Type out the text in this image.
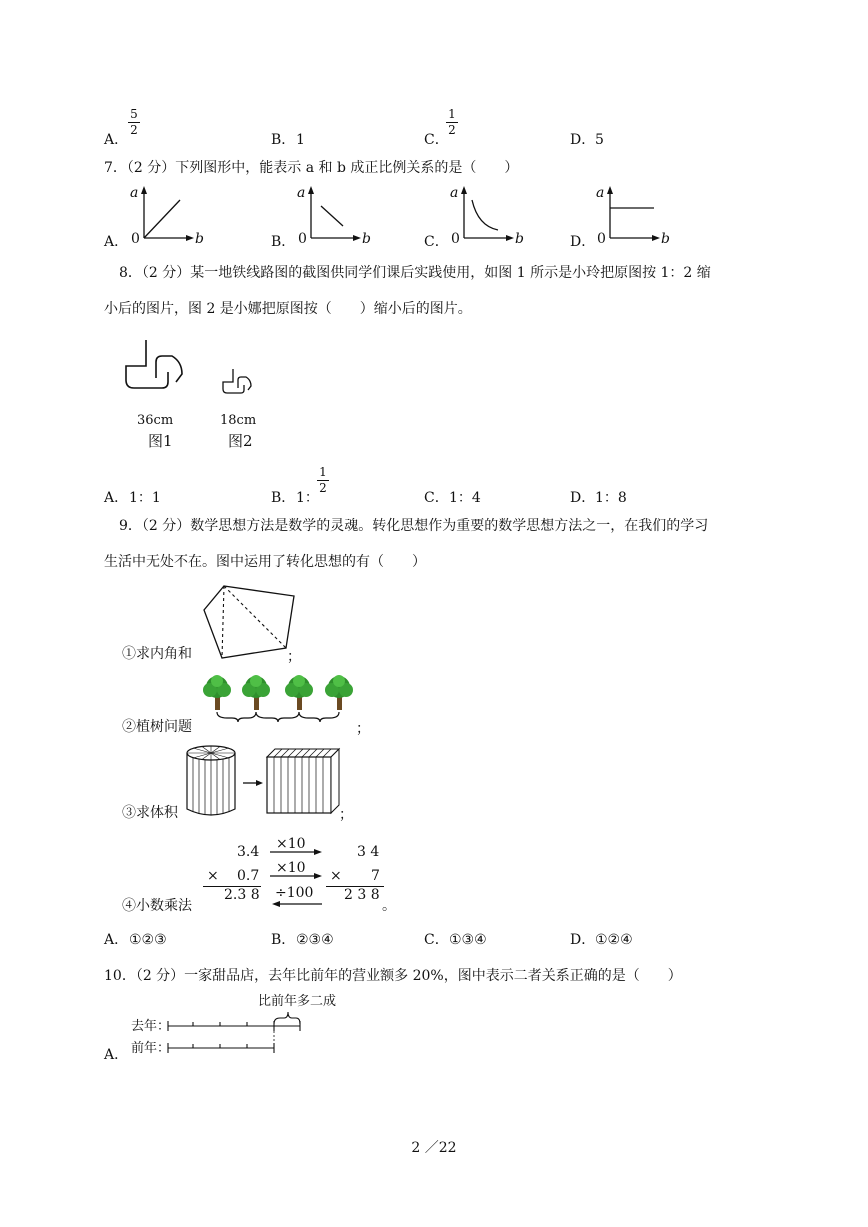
A．
5
2
B． 1	C．
1
2
D． 5
7．（2 分）下列图形中，能表示 a 和 b 成正比例关系的是（　　）
A．
a
0	b	B．
a
0	b	C．
a
0	b	D．
a
0	b
8．（2 分）某一地铁线路图的截图供同学们课后实践使用，如图 1 所示是小玲把原图按 1：2 缩
小后的图片，图 2 是小娜把原图按（　　）缩小后的图片。
36cm
图1
18cm
图2
A． 1：1	B． 1：
1
2
C． 1：4	D． 1：8
9．（2 分）数学思想方法是数学的灵魂。转化思想作为重要的数学思想方法之一，在我们的学习
生活中无处不在。图中运用了转化思想的有（　　）
①求内角和	；
②植树问题	；
③求体积	；
3.4
× 0.7
2.3 8
×10
×10
÷100
3 4
× 7
2 3 8
④小数乘法	。
A． ①②③	B． ②③④	C． ①③④	D． ①②④
10．（2 分）一家甜品店，去年比前年的营业额多 20%，图中表示二者关系正确的是（　　）
比前年多二成
去年：
前年：
A．
2 ／22
